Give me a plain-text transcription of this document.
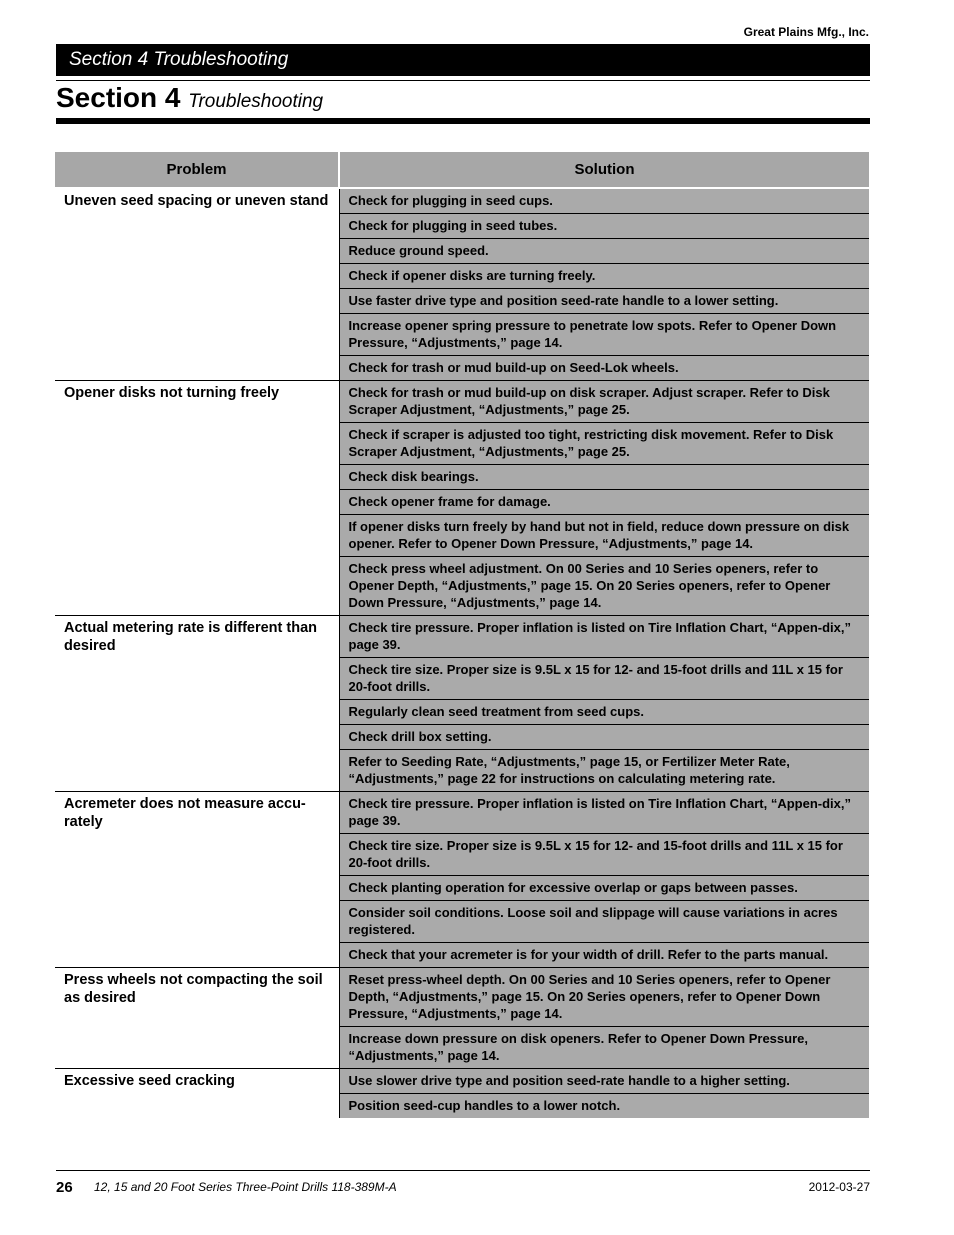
Great Plains Mfg., Inc.
Section 4 Troubleshooting
Section 4 Troubleshooting
Problem	Solution
Uneven seed spacing or uneven stand	Check for plugging in seed cups.
	Check for plugging in seed tubes.
	Reduce ground speed.
	Check if opener disks are turning freely.
	Use faster drive type and position seed-rate handle to a lower setting.
	Increase opener spring pressure to penetrate low spots. Refer to Opener Down Pressure, “Adjustments,” page 14.
	Check for trash or mud build-up on Seed-Lok wheels.
Opener disks not turning freely	Check for trash or mud build-up on disk scraper. Adjust scraper. Refer to Disk Scraper Adjustment, “Adjustments,” page 25.
	Check if scraper is adjusted too tight, restricting disk movement. Refer to Disk Scraper Adjustment, “Adjustments,” page 25.
	Check disk bearings.
	Check opener frame for damage.
	If opener disks turn freely by hand but not in field, reduce down pressure on disk opener. Refer to Opener Down Pressure, “Adjustments,” page 14.
	Check press wheel adjustment. On 00 Series and 10 Series openers, refer to Opener Depth, “Adjustments,” page 15. On 20 Series openers, refer to Opener Down Pressure, “Adjustments,” page 14.
Actual metering rate is different than desired	Check tire pressure. Proper inflation is listed on Tire Inflation Chart, “Appen-dix,” page 39.
	Check tire size. Proper size is 9.5L x 15 for 12- and 15-foot drills and 11L x 15 for 20-foot drills.
	Regularly clean seed treatment from seed cups.
	Check drill box setting.
	Refer to Seeding Rate, “Adjustments,” page 15, or Fertilizer Meter Rate, “Adjustments,” page 22 for instructions on calculating metering rate.
Acremeter does not measure accu-rately	Check tire pressure. Proper inflation is listed on Tire Inflation Chart, “Appen-dix,” page 39.
	Check tire size. Proper size is 9.5L x 15 for 12- and 15-foot drills and 11L x 15 for 20-foot drills.
	Check planting operation for excessive overlap or gaps between passes.
	Consider soil conditions. Loose soil and slippage will cause variations in acres registered.
	Check that your acremeter is for your width of drill. Refer to the parts manual.
Press wheels not compacting the soil as desired	Reset press-wheel depth. On 00 Series and 10 Series openers, refer to Opener Depth, “Adjustments,” page 15. On 20 Series openers, refer to Opener Down Pressure, “Adjustments,” page 14.
	Increase down pressure on disk openers. Refer to Opener Down Pressure, “Adjustments,” page 14.
Excessive seed cracking	Use slower drive type and position seed-rate handle to a higher setting.
	Position seed-cup handles to a lower notch.
26 12, 15 and 20 Foot Series Three-Point Drills 118-389M-A	2012-03-27
